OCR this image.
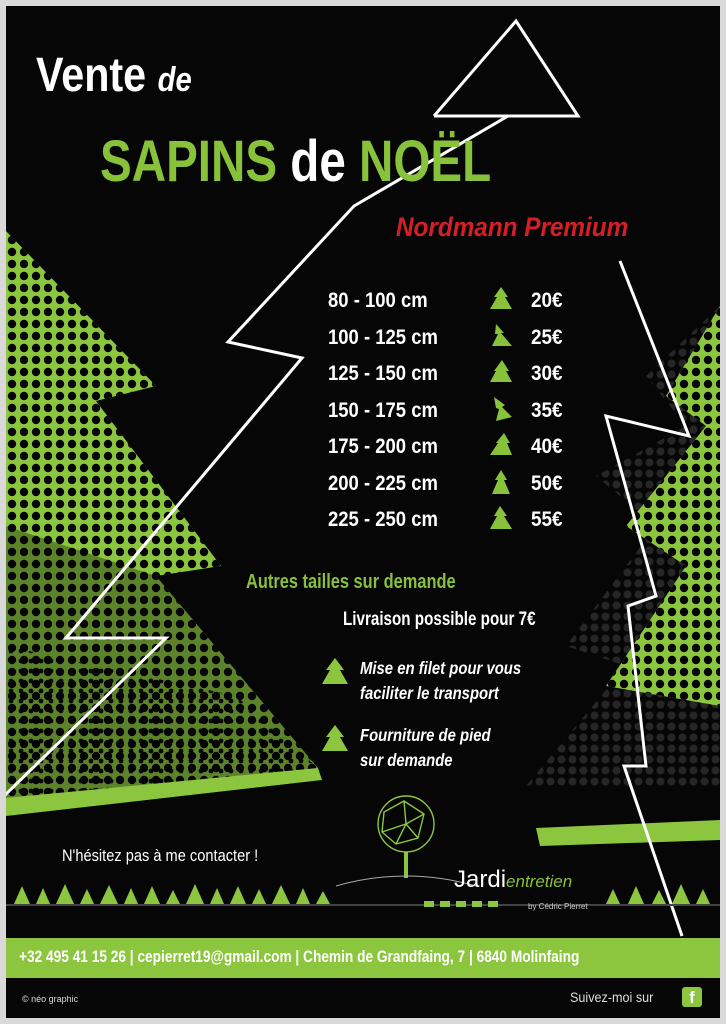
Vente de
SAPINS de NOËL
Nordmann Premium
80 - 100 cm	20€
100 - 125 cm	25€
125 - 150 cm	30€
150 - 175 cm	35€
175 - 200 cm	40€
200 - 225 cm	50€
225 - 250 cm	55€
Autres tailles sur demande
Livraison possible pour 7€
Mise en filet pour vous
faciliter le transport
Fourniture de pied
sur demande
N'hésitez pas à me contacter !
Jardientretien
by Cédric Pierret
+32 495 41 15 26 | cepierret19@gmail.com | Chemin de Grandfaing, 7 | 6840 Molinfaing
© néo graphic	Suivez-moi sur	f
